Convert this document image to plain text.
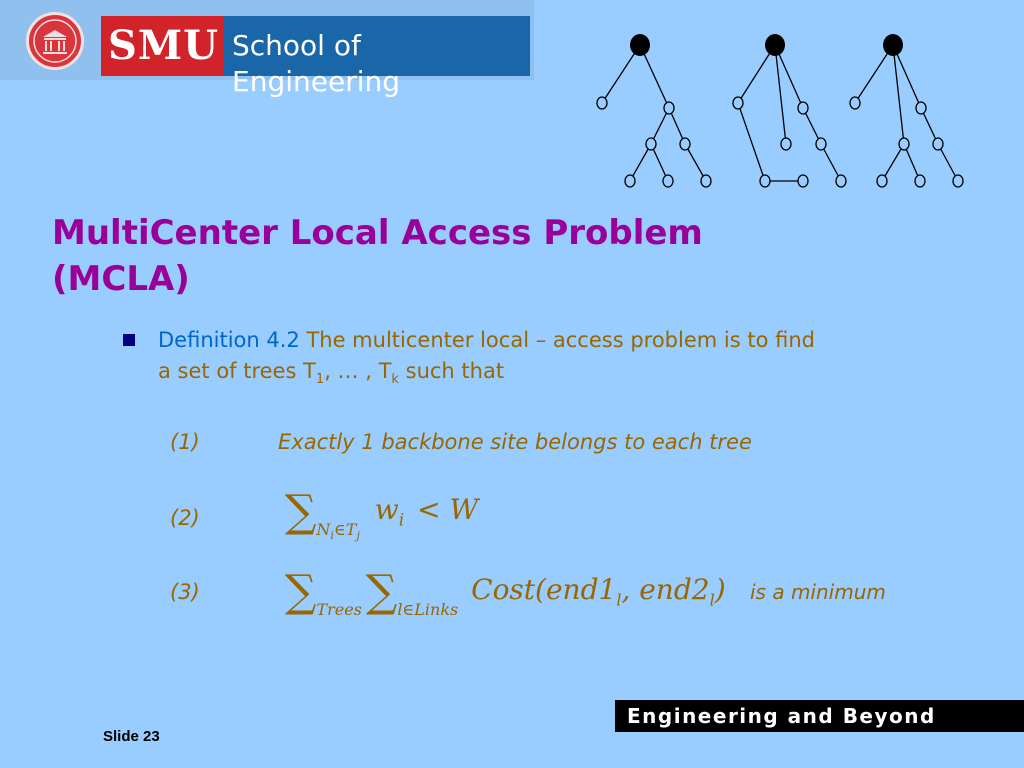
SMU School of Engineering
MultiCenter Local Access Problem
(MCLA)
Definition 4.2 The multicenter local – access problem is to find
a set of trees $T_1$, … , $T_k$ such that
(1)	Exactly 1 backbone site belongs to each tree
(2) $\sum_{N_i\in T_j}$ $w_i < W$
(3) $\sum_{Trees}\sum_{l\in Links}$ $Cost(end1_l$, $end2_l$) is a minimum
Slide 23
Engineering and Beyond
